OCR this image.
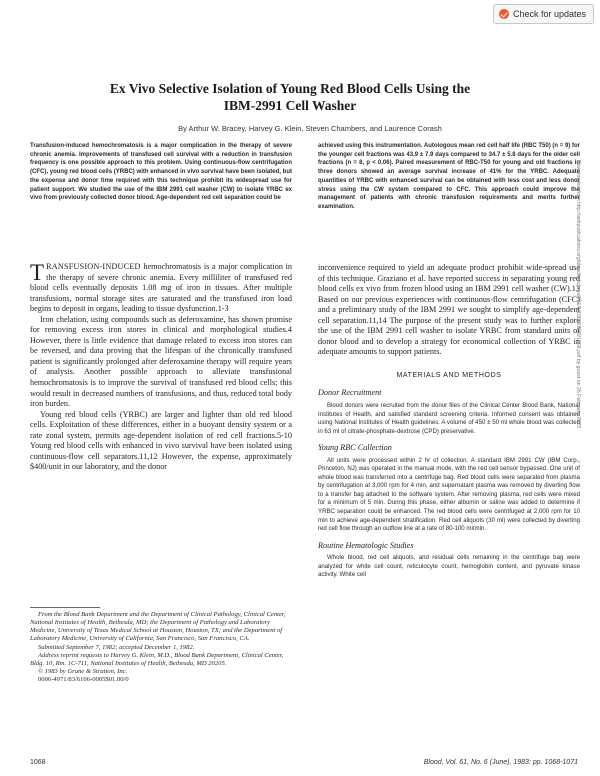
Check for updates
Ex Vivo Selective Isolation of Young Red Blood Cells Using the
IBM-2991 Cell Washer
By Arthur W. Bracey, Harvey G. Klein, Steven Chambers, and Laurence Corash
Transfusion-induced hemochromatosis is a major complication in the therapy of severe chronic anemia. Improvements of transfused cell survival with a reduction in transfusion frequency is one possible approach to this problem. Using continuous-flow centrifugation (CFC), young red blood cells (YRBC) with enhanced in vivo survival have been isolated, but the expense and donor time required with this technique prohibit its widespread use for patient support. We studied the use of the IBM 2991 cell washer (CW) to isolate YRBC ex vivo from previously collected donor blood. Age-dependent red cell separation could be
achieved using this instrumentation. Autologous mean red cell half life (RBC T50) (n = 9) for the younger cell fractions was 43.9 ± 7.9 days compared to 34.7 ± 5.8 days for the older cell fractions (n = 8, p < 0.06). Paired measurement of RBC-T50 for young and old fractions in three donors showed an average survival increase of 41% for the YRBC. Adequate quantities of YRBC with enhanced survival can be obtained with less cost and less donor stress using the CW system compared to CFC. This approach could improve the management of patients with chronic transfusion requirements and merits further examination.

TRANSFUSION-INDUCED hemochromatosis is a major complication in the therapy of severe chronic anemia. Every milliliter of transfused red blood cells eventually deposits 1.08 mg of iron in tissues. After multiple transfusions, normal storage sites are saturated and the transfused iron load begins to deposit in organs, leading to tissue dysfunction.1-3

Iron chelation, using compounds such as deferoxamine, has shown promise for removing excess iron stores in clinical and morphological studies.4 However, there is little evidence that damage related to excess iron stores can be reversed, and data proving that the lifespan of the chronically transfused patient is significantly prolonged after deferoxamine therapy will require years of analysis. Another possible approach to alleviate transfusional hemochromatosis is to improve the survival of transfused red blood cells; this would result in decreased numbers of transfusions, and thus, reduced total body iron burden.

Young red blood cells (YRBC) are larger and lighter than old red blood cells. Exploitation of these differences, either in a buoyant density system or a rate zonal system, permits age-dependent isolation of red cell fractions.5-10 Young red blood cells with enhanced in vivo survival have been isolated using continuous-flow cell separators.11,12 However, the expense, approximately $400/unit in our laboratory, and the donor

inconvenience required to yield an adequate product prohibit wide-spread use of this technique. Graziano et al. have reported success in separating young red blood cells ex vivo from frozen blood using an IBM 2991 cell washer (CW).13 Based on our previous experiences with continuous-flow centrifugation (CFC) and a preliminary study of the IBM 2991 we sought to simplify age-dependent cell separation.11,14 The purpose of the present study was to further explore the use of the IBM 2991 cell washer to isolate YRBC from standard units of donor blood and to develop a strategy for economical collection of YRBC in adequate amounts to support patients.

MATERIALS AND METHODS
Donor Recruitment

Blood donors were recruited from the donor files of the Clinical Center Blood Bank, National Institutes of Health, and satisfied standard screening criteria. Informed consent was obtained using National Institutes of Health guidelines. A volume of 450 ± 50 ml whole blood was collected in 63 ml of citrate-phosphate-dextrose (CPD) preservative.

Young RBC Collection

All units were processed within 2 hr of collection. A standard IBM 2991 CW (IBM Corp., Princeton, NJ) was operated in the manual mode, with the red cell sensor bypassed. One unit of whole blood was transferred into a centrifuge bag. Red blood cells were separated from plasma by centrifugation at 3,000 rpm for 4 min, and supernatant plasma was removed by diverting flow to a transfer bag attached to the software system. After removing plasma, red cells were mixed for a minimum of 5 min. During this phase, either albumin or saline was added to determine if YRBC separation could be enhanced. The red blood cells were centrifuged at 2,000 rpm for 10 min to achieve age-dependent stratification. Red cell aliquots (30 ml) were collected by diverting red cell flow through an outflow line at a rate of 80-100 ml/min.

Routine Hematologic Studies

Whole blood, red cell aliquots, and residual cells remaining in the centrifuge bag were analyzed for white cell count, reticulocyte count, hemoglobin content, and pyruvate kinase activity. White cell

From the Blood Bank Department and the Department of Clinical Pathology, Clinical Center, National Institutes of Health, Bethesda, MD; the Department of Pathology and Laboratory Medicine, University of Texas Medical School at Houston, Houston, TX; and the Department of Laboratory Medicine, University of California, San Francisco, San Francisco, CA.

Submitted September 7, 1982; accepted December 1, 1982.

Address reprint requests to Harvey G. Klein, M.D., Blood Bank Department, Clinical Center, Bldg. 10, Rm. 1C-711, National Institutes of Health, Bethesda, MD 20205.

© 1983 by Grune & Stratton, Inc.

0006-4971/83/6106-0005$01.00/0

Downloaded from http://ashpublications.org/blood/article-pdf/61/6/1068/0583/1068.pdf by guest on 26 February 2023
1068	Blood, Vol. 61, No. 6 (June), 1983: pp. 1068-1071
